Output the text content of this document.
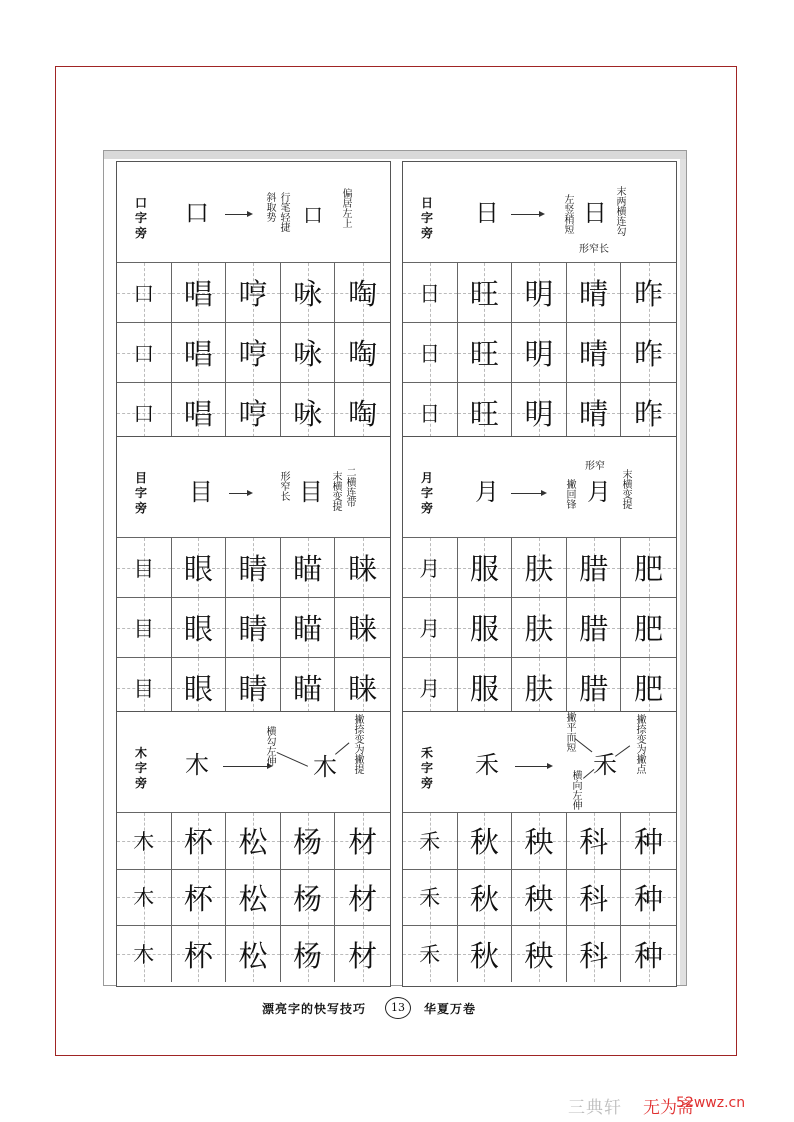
口字旁
口	行笔轻捷
斜取势 口 偏居左上
口 唱 哼 咏 啕
口 唱 哼 咏 啕
口 唱 哼 咏 啕
日字旁
日	左竖稍短 日 末两横连勾
形窄长
日 旺 明 晴 昨
日 旺 明 晴 昨
日 旺 明 晴 昨
目字旁
目	形窄长 目 二横连带
末横变提
目 眼 睛 瞄 睐
目 眼 睛 瞄 睐
目 眼 睛 瞄 睐
月字旁
月	撇回锋 月
形窄
末横变提
月 服 肤 腊 肥
月 服 肤 腊 肥
月 服 肤 腊 肥
木字旁
木	横勾左伸
木 撇捺变为撇提
木 杯 松 杨 材
木 杯 松 杨 材
木 杯 松 杨 材
禾字旁
禾
撇平而短
禾
横向左伸
撇捺变为撇点
禾 秋 秧 科 种
禾 秋 秧 科 种
禾 秋 秧 科 种
漂亮字的快写技巧	13	华夏万卷
三典轩 无为斋
52wwz.cn
